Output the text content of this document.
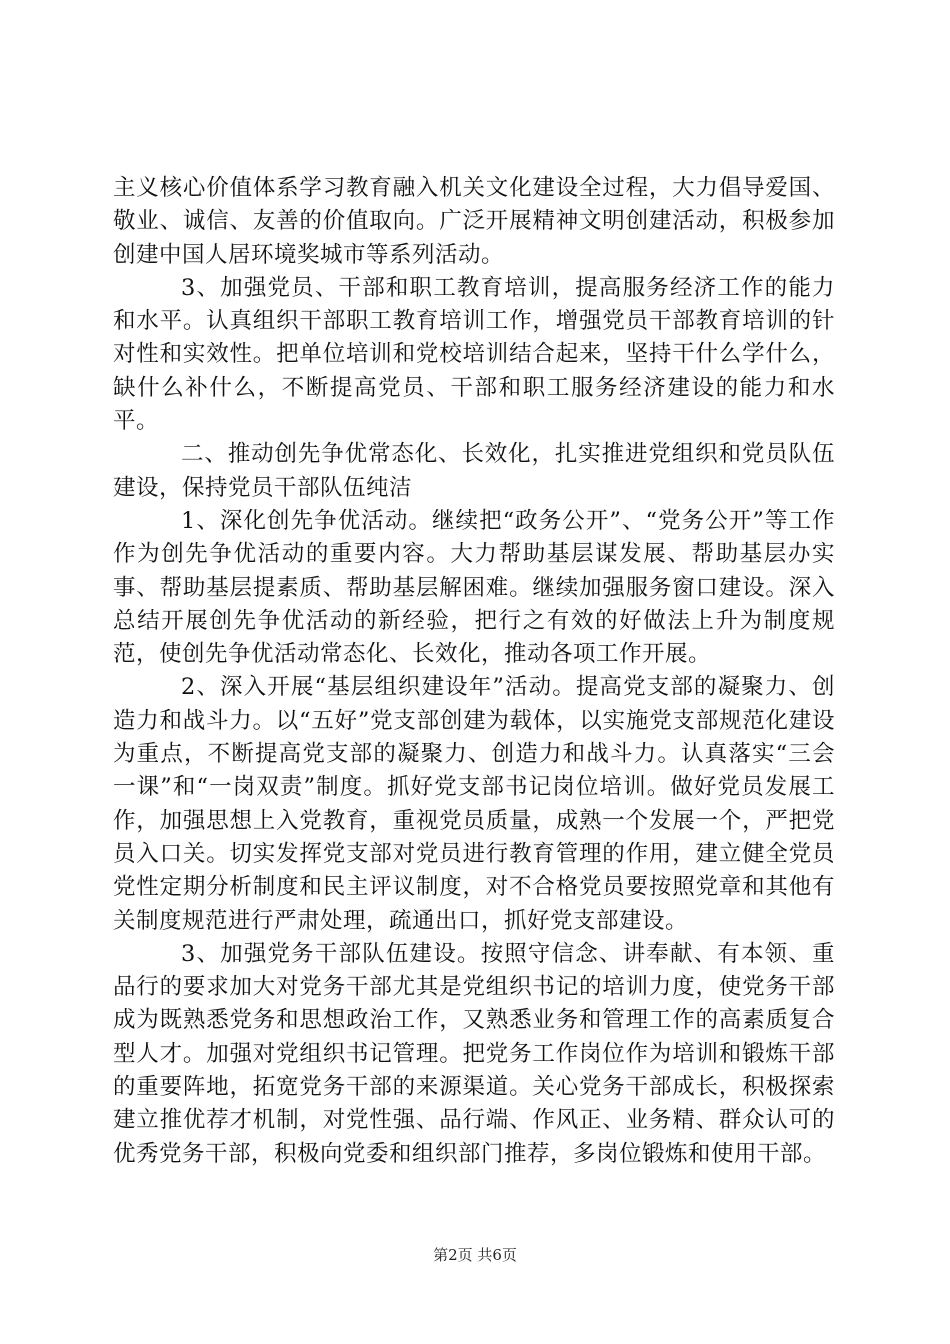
主义核心价值体系学习教育融入机关文化建设全过程，大力倡导爱国、敬业、诚信、友善的价值取向。广泛开展精神文明创建活动，积极参加创建中国人居环境奖城市等系列活动。

3、加强党员、干部和职工教育培训，提高服务经济工作的能力和水平。认真组织干部职工教育培训工作，增强党员干部教育培训的针对性和实效性。把单位培训和党校培训结合起来，坚持干什么学什么，缺什么补什么，不断提高党员、干部和职工服务经济建设的能力和水平。

二、推动创先争优常态化、长效化，扎实推进党组织和党员队伍建设，保持党员干部队伍纯洁

1、深化创先争优活动。继续把“政务公开”、“党务公开”等工作作为创先争优活动的重要内容。大力帮助基层谋发展、帮助基层办实事、帮助基层提素质、帮助基层解困难。继续加强服务窗口建设。深入总结开展创先争优活动的新经验，把行之有效的好做法上升为制度规范，使创先争优活动常态化、长效化，推动各项工作开展。

2、深入开展“基层组织建设年”活动。提高党支部的凝聚力、创造力和战斗力。以“五好”党支部创建为载体，以实施党支部规范化建设为重点，不断提高党支部的凝聚力、创造力和战斗力。认真落实“三会一课”和“一岗双责”制度。抓好党支部书记岗位培训。做好党员发展工作，加强思想上入党教育，重视党员质量，成熟一个发展一个，严把党员入口关。切实发挥党支部对党员进行教育管理的作用，建立健全党员党性定期分析制度和民主评议制度，对不合格党员要按照党章和其他有关制度规范进行严肃处理，疏通出口，抓好党支部建设。

3、加强党务干部队伍建设。按照守信念、讲奉献、有本领、重品行的要求加大对党务干部尤其是党组织书记的培训力度，使党务干部成为既熟悉党务和思想政治工作，又熟悉业务和管理工作的高素质复合型人才。加强对党组织书记管理。把党务工作岗位作为培训和锻炼干部的重要阵地，拓宽党务干部的来源渠道。关心党务干部成长，积极探索建立推优荐才机制，对党性强、品行端、作风正、业务精、群众认可的优秀党务干部，积极向党委和组织部门推荐，多岗位锻炼和使用干部。

第2页 共6页
